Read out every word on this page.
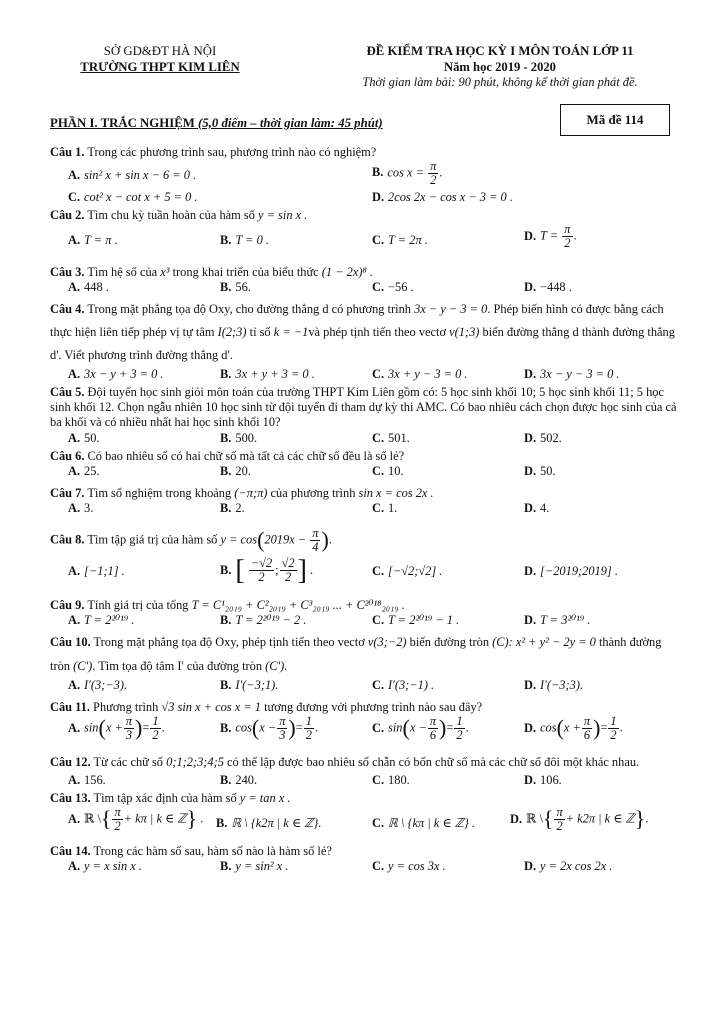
SỞ GD&ĐT HÀ NỘI
TRƯỜNG THPT KIM LIÊN
ĐỀ KIỂM TRA HỌC KỲ I MÔN TOÁN LỚP 11
Năm học 2019 - 2020
Thời gian làm bài: 90 phút, không kể thời gian phát đề.
PHẦN I. TRẮC NGHIỆM (5,0 điểm – thời gian làm: 45 phút)	Mã đề 114
Câu 1. Trong các phương trình sau, phương trình nào có nghiệm?
A. sin² x + sin x − 6 = 0 .	B. $\cos x = \frac{\pi}{2}$ .
C. cot² x − cot x + 5 = 0 .	D. 2cos 2x − cos x − 3 = 0 .
Câu 2. Tìm chu kỳ tuần hoàn của hàm số y = sin x .
A. T = π .	B. T = 0 .	C. T = 2π .	D. $T = \frac{\pi}{2}$ .
Câu 3. Tìm hệ số của x³ trong khai triển của biểu thức (1 − 2x)⁸ .
A. 448 .	B. 56.	C. −56 .	D. −448 .
Câu 4. Trong mặt phẳng tọa độ Oxy, cho đường thẳng d có phương trình 3x − y − 3 = 0. Phép biến hình có được bằng cách thực hiện liên tiếp phép vị tự tâm I(2;3) tỉ số k = −1và phép tịnh tiến theo vectơ v(1;3) biến đường thẳng d thành đường thẳng d'. Viết phương trình đường thẳng d'.
A. 3x − y + 3 = 0 .	B. 3x + y + 3 = 0 .	C. 3x + y − 3 = 0 .	D. 3x − y − 3 = 0 .
Câu 5. Đội tuyển học sinh giỏi môn toán của trường THPT Kim Liên gồm có: 5 học sinh khối 10; 5 học sinh khối 11; 5 học sinh khối 12. Chọn ngẫu nhiên 10 học sinh từ đội tuyển đi tham dự kỳ thi AMC. Có bao nhiêu cách chọn được học sinh của cả ba khối và có nhiều nhất hai học sinh khối 10?
A. 50.	B. 500.	C. 501.	D. 502.
Câu 6. Có bao nhiêu số có hai chữ số mà tất cả các chữ số đều là số lẻ?
A. 25.	B. 20.	C. 10.	D. 50.
Câu 7. Tìm số nghiệm trong khoảng (−π;π) của phương trình sin x = cos 2x .
A. 3.	B. 2.	C. 1.	D. 4.
Câu 8. Tìm tập giá trị của hàm số $y = \cos(2019x - \frac{\pi}{4}$ ).
A. [−1;1] .	B. [ $\frac{-√2}{2}$ ; $\frac{√2}{2}$ ] .	C. [−√2;√2] .	D. [−2019;2019] .
Câu 9. Tính giá trị của tổng T = C¹₂₀₁₉ + C²₂₀₁₉ + C³₂₀₁₉ ... + C²⁰¹⁸₂₀₁₉ .
A. T = 2²⁰¹⁹ .	B. T = 2²⁰¹⁹ − 2 .	C. T = 2²⁰¹⁹ − 1 .	D. T = 3²⁰¹⁹ .
Câu 10. Trong mặt phẳng tọa độ Oxy, phép tịnh tiến theo vectơ v(3;−2) biến đường tròn (C): x² + y² − 2y = 0 thành đường tròn (C'). Tìm tọa độ tâm I' của đường tròn (C').
A. I'(3;−3).	B. I'(−3;1).	C. I'(3;−1) .	D. I'(−3;3).
Câu 11. Phương trình √3 sin x + cos x = 1 tương đương với phương trình nào sau đây?
A. $\sin(x + \frac{\pi}{3}$ )= $\frac{1}{2}$ .	B. $\cos(x - \frac{\pi}{3}$ )= $\frac{1}{2}$ .	C. $\sin(x - \frac{\pi}{6}$ )= $\frac{1}{2}$ .	D. $\cos(x + \frac{\pi}{6}$ )= $\frac{1}{2}$ .
Câu 12. Từ các chữ số 0;1;2;3;4;5 có thể lập được bao nhiêu số chẵn có bốn chữ số mà các chữ số đôi một khác nhau.
A. 156.	B. 240.	C. 180.	D. 106.
Câu 13. Tìm tập xác định của hàm số y = tan x .
A. ℝ \{ $\frac{\pi}{2} + k\pi$ | k ∈ ℤ} . B. ℝ \ {k2π | k ∈ ℤ}.	C. ℝ \ {kπ | k ∈ ℤ} .	D. ℝ \{ $\frac{\pi}{2} + k2\pi$ | k ∈ ℤ}.
Câu 14. Trong các hàm số sau, hàm số nào là hàm số lẻ?
A. y = x sin x .	B. y = sin² x .	C. y = cos 3x .	D. y = 2x cos 2x .
